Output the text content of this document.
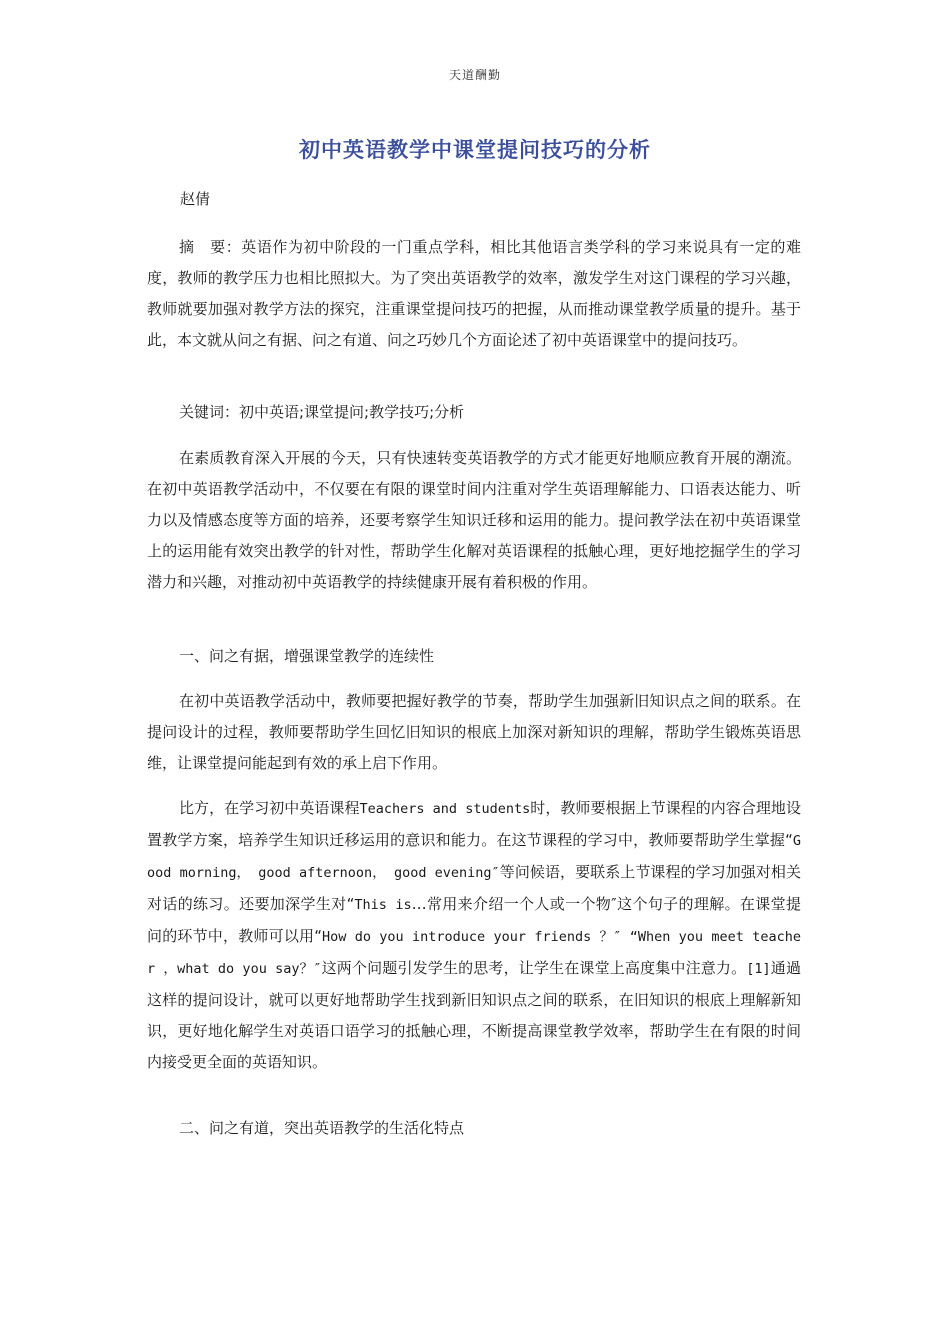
天道酬勤
初中英语教学中课堂提问技巧的分析
赵倩
摘　要：英语作为初中阶段的一门重点学科，相比其他语言类学科的学习来说具有一定的难度，教师的教学压力也相比照拟大。为了突出英语教学的效率，激发学生对这门课程的学习兴趣，教师就要加强对教学方法的探究，注重课堂提问技巧的把握，从而推动课堂教学质量的提升。基于此，本文就从问之有据、问之有道、问之巧妙几个方面论述了初中英语课堂中的提问技巧。
关键词：初中英语;课堂提问;教学技巧;分析
在素质教育深入开展的今天，只有快速转变英语教学的方式才能更好地顺应教育开展的潮流。在初中英语教学活动中，不仅要在有限的课堂时间内注重对学生英语理解能力、口语表达能力、听力以及情感态度等方面的培养，还要考察学生知识迁移和运用的能力。提问教学法在初中英语课堂上的运用能有效突出教学的针对性，帮助学生化解对英语课程的抵触心理，更好地挖掘学生的学习潜力和兴趣，对推动初中英语教学的持续健康开展有着积极的作用。
一、问之有据，增强课堂教学的连续性
在初中英语教学活动中，教师要把握好教学的节奏，帮助学生加强新旧知识点之间的联系。在提问设计的过程，教师要帮助学生回忆旧知识的根底上加深对新知识的理解，帮助学生锻炼英语思维，让课堂提问能起到有效的承上启下作用。
比方，在学习初中英语课程Teachers and students时，教师要根据上节课程的内容合理地设置教学方案，培养学生知识迁移运用的意识和能力。在这节课程的学习中，教师要帮助学生掌握“Good morning， good afternoon， good evening″等问候语，要联系上节课程的学习加强对相关对话的练习。还要加深学生对“This is…常用来介绍一个人或一个物″这个句子的理解。在课堂提问的环节中，教师可以用“How do you introduce your friends ？″ “When you meet teacher ，what do you say？″这两个问题引发学生的思考，让学生在课堂上高度集中注意力。[1]通過这样的提问设计，就可以更好地帮助学生找到新旧知识点之间的联系，在旧知识的根底上理解新知识，更好地化解学生对英语口语学习的抵触心理，不断提高课堂教学效率，帮助学生在有限的时间内接受更全面的英语知识。
二、问之有道，突出英语教学的生活化特点
